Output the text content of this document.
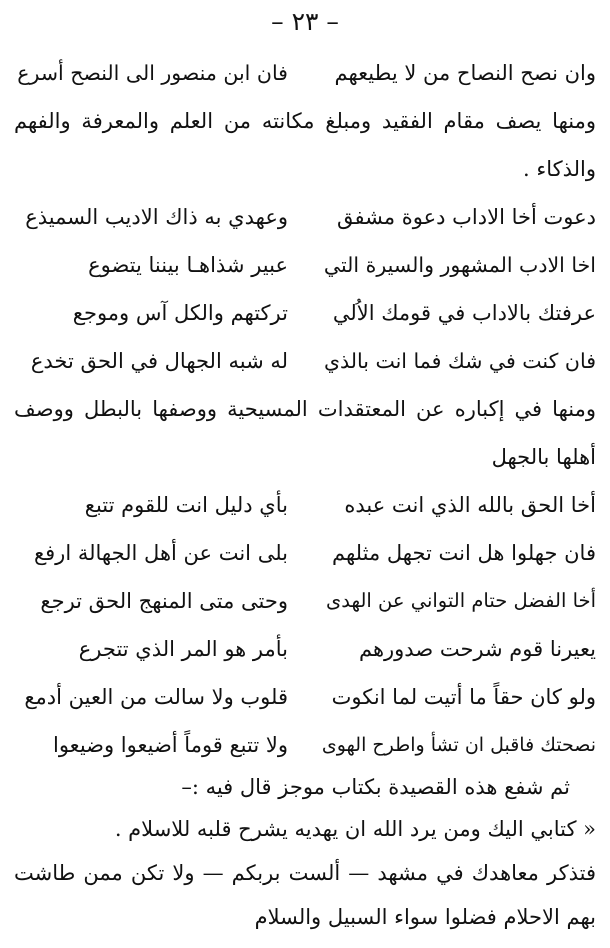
– ٢٣ –
وان نصح النصاح من لا يطيعهم
فان ابن منصور الى النصح أسرع
ومنها يصف مقام الفقيد ومبلغ مكانته من العلم والمعرفة والفهم
والذكاء .
دعوت أخا الاداب دعوة مشفق
وعهدي به ذاك الاديب السميذع
اخا الادب المشهور والسيرة التي
عبير شذاهـا بيننا يتضوع
عرفتك بالاداب في قومك الاُلي
تركتهم والكل آس وموجع
فان كنت في شك فما انت بالذي
له شبه الجهال في الحق تخدع
ومنها في إكباره عن المعتقدات المسيحية ووصفها بالبطل ووصف
أهلها بالجهل
أخا الحق بالله الذي انت عبده
بأي دليل انت للقوم تتبع
فان جهلوا هل انت تجهل مثلهم
بلى انت عن أهل الجهالة ارفع
أخا الفضل حتام التواني عن الهدى
وحتى متى المنهج الحق ترجع
يعيرنا قوم شرحت صدورهم
بأمر هو المر الذي تتجرع
ولو كان حقاً ما أتيت لما انكوت
قلوب ولا سالت من العين أدمع
نصحتك فاقبل ان تشأ واطرح الهوى
ولا تتبع قوماً أضيعوا وضيعوا
ثم شفع هذه القصيدة بكتاب موجز قال فيه :–
« كتابي اليك ومن يرد الله ان يهديه يشرح قلبه للاسلام .
فتذكر معاهدك في مشهد — ألست بربكم — ولا تكن ممن طاشت
بهم الاحلام فضلوا سواء السبيل والسلام
